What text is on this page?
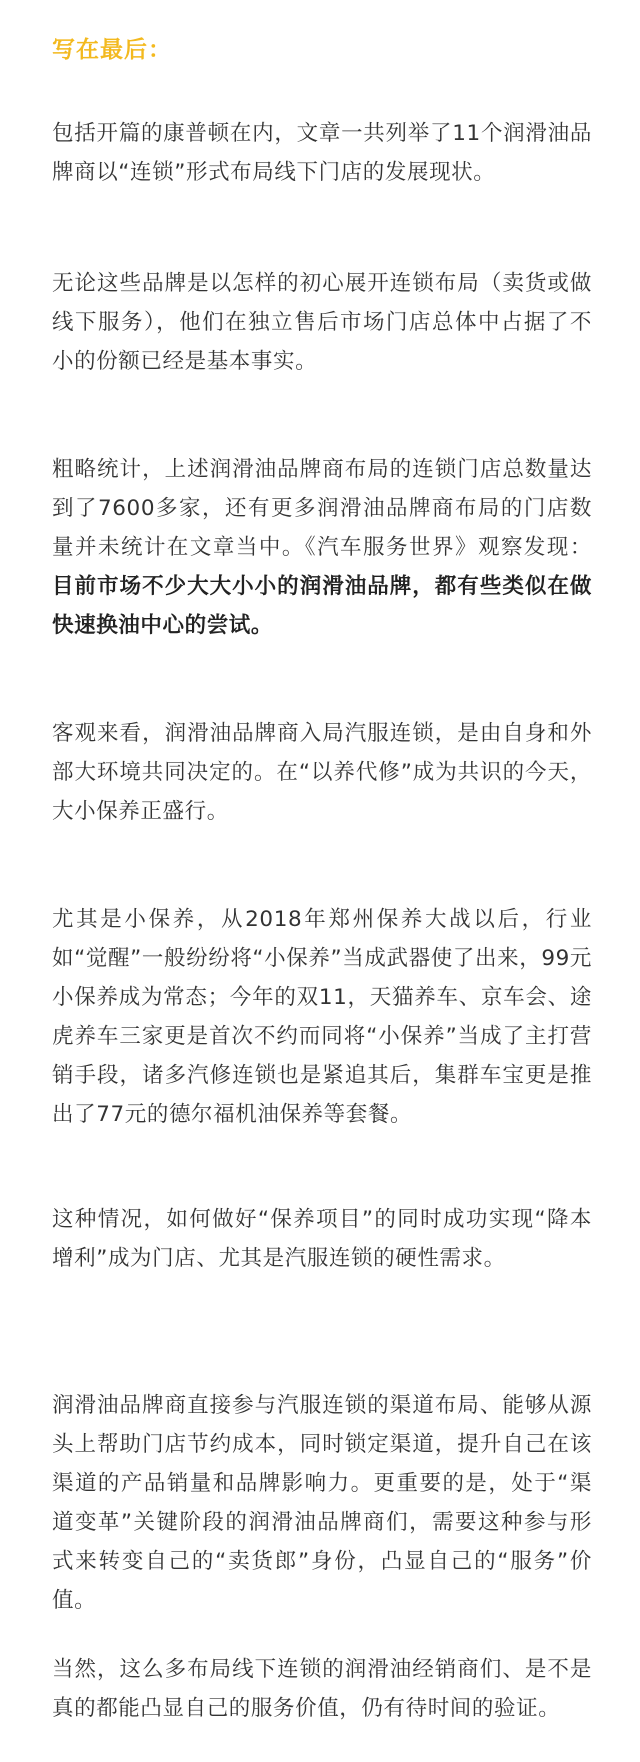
写在最后：

包括开篇的康普顿在内，文章一共列举了11个润滑油品牌商以“连锁”形式布局线下门店的发展现状。

无论这些品牌是以怎样的初心展开连锁布局（卖货或做线下服务），他们在独立售后市场门店总体中占据了不小的份额已经是基本事实。

粗略统计，上述润滑油品牌商布局的连锁门店总数量达到了7600多家，还有更多润滑油品牌商布局的门店数量并未统计在文章当中。《汽车服务世界》观察发现：目前市场不少大大小小的润滑油品牌，都有些类似在做快速换油中心的尝试。

客观来看，润滑油品牌商入局汽服连锁，是由自身和外部大环境共同决定的。在“以养代修”成为共识的今天，大小保养正盛行。

尤其是小保养，从2018年郑州保养大战以后，行业如“觉醒”一般纷纷将“小保养”当成武器使了出来，99元小保养成为常态；今年的双11，天猫养车、京车会、途虎养车三家更是首次不约而同将“小保养”当成了主打营销手段，诸多汽修连锁也是紧追其后，集群车宝更是推出了77元的德尔福机油保养等套餐。

这种情况，如何做好“保养项目”的同时成功实现“降本增利”成为门店、尤其是汽服连锁的硬性需求。

润滑油品牌商直接参与汽服连锁的渠道布局、能够从源头上帮助门店节约成本，同时锁定渠道，提升自己在该渠道的产品销量和品牌影响力。更重要的是，处于“渠道变革”关键阶段的润滑油品牌商们，需要这种参与形式来转变自己的“卖货郎”身份，凸显自己的“服务”价值。

当然，这么多布局线下连锁的润滑油经销商们、是不是真的都能凸显自己的服务价值，仍有待时间的验证。
